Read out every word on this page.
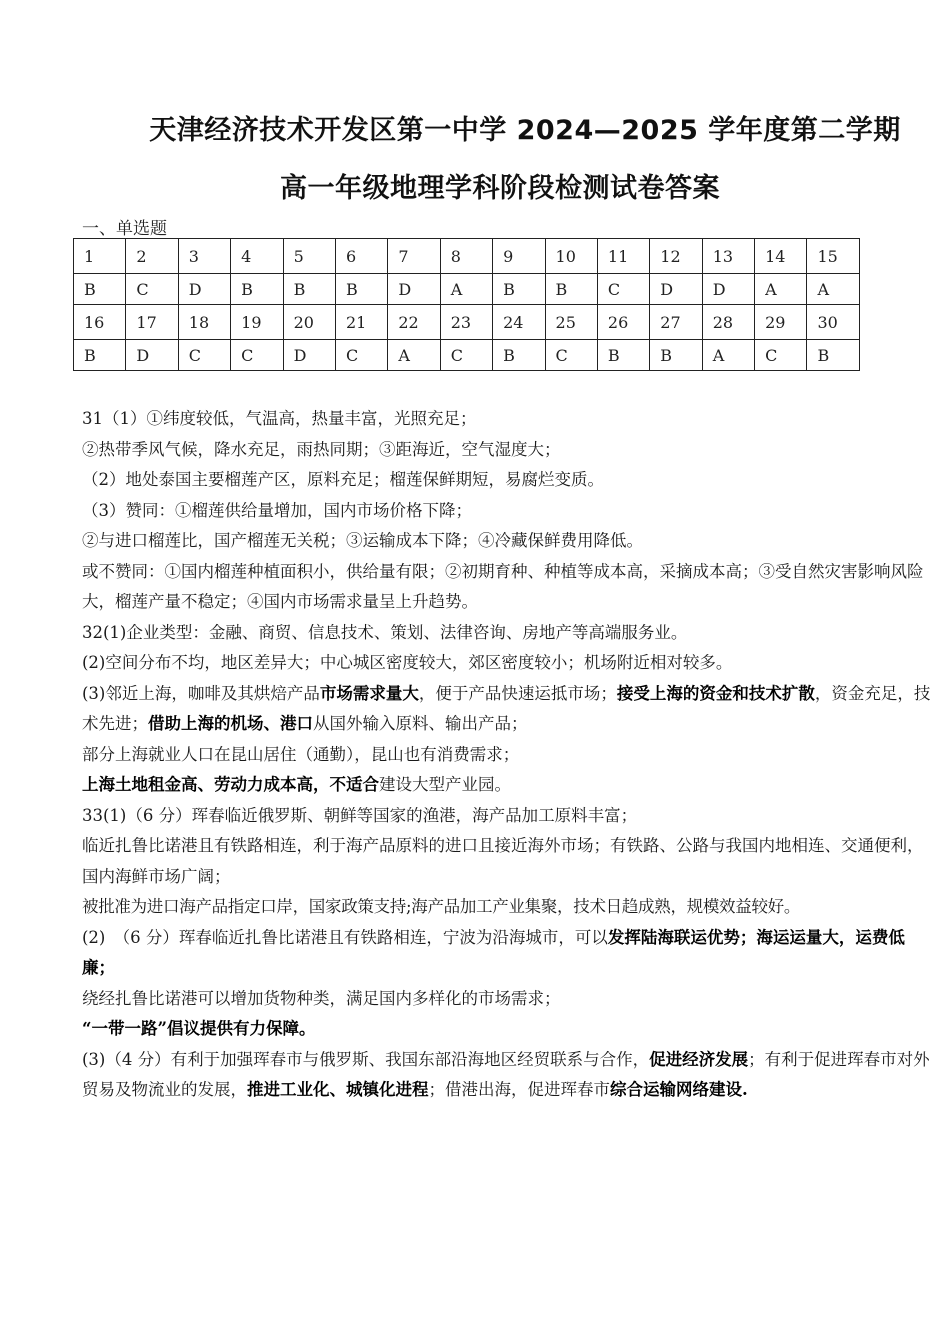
天津经济技术开发区第一中学 2024—2025 学年度第二学期
高一年级地理学科阶段检测试卷答案
一、单选题
1	2	3	4	5	6	7	8	9	10	11	12	13	14	15
B	C	D	B	B	B	D	A	B	B	C	D	D	A	A
16	17	18	19	20	21	22	23	24	25	26	27	28	29	30
B	D	C	C	D	C	A	C	B	C	B	B	A	C	B
31（1）①纬度较低，气温高，热量丰富，光照充足；
②热带季风气候，降水充足，雨热同期；③距海近，空气湿度大；
（2）地处泰国主要榴莲产区，原料充足；榴莲保鲜期短，易腐烂变质。
（3）赞同：①榴莲供给量增加，国内市场价格下降；
②与进口榴莲比，国产榴莲无关税；③运输成本下降；④冷藏保鲜费用降低。
或不赞同：①国内榴莲种植面积小，供给量有限；②初期育种、种植等成本高，采摘成本高；③受自然灾害影响风险大，榴莲产量不稳定；④国内市场需求量呈上升趋势。
32(1)企业类型：金融、商贸、信息技术、策划、法律咨询、房地产等高端服务业。
(2)空间分布不均，地区差异大；中心城区密度较大，郊区密度较小；机场附近相对较多。
(3)邻近上海，咖啡及其烘焙产品市场需求量大，便于产品快速运抵市场；接受上海的资金和技术扩散，资金充足，技术先进；借助上海的机场、港口从国外输入原料、输出产品；
部分上海就业人口在昆山居住（通勤），昆山也有消费需求；
上海土地租金高、劳动力成本高，不适合建设大型产业园。
33(1)（6 分）珲春临近俄罗斯、朝鲜等国家的渔港，海产品加工原料丰富；
临近扎鲁比诺港且有铁路相连，利于海产品原料的进口且接近海外市场；有铁路、公路与我国内地相连、交通便利，国内海鲜市场广阔；
被批准为进口海产品指定口岸，国家政策支持;海产品加工产业集聚，技术日趋成熟，规模效益较好。
(2)　（6 分）珲春临近扎鲁比诺港且有铁路相连，宁波为沿海城市，可以发挥陆海联运优势；海运运量大，运费低廉；
绕经扎鲁比诺港可以增加货物种类，满足国内多样化的市场需求；
“一带一路”倡议提供有力保障。
(3)（4 分）有利于加强珲春市与俄罗斯、我国东部沿海地区经贸联系与合作，促进经济发展；有利于促进珲春市对外贸易及物流业的发展，推进工业化、城镇化进程；借港出海，促进珲春市综合运输网络建设.
